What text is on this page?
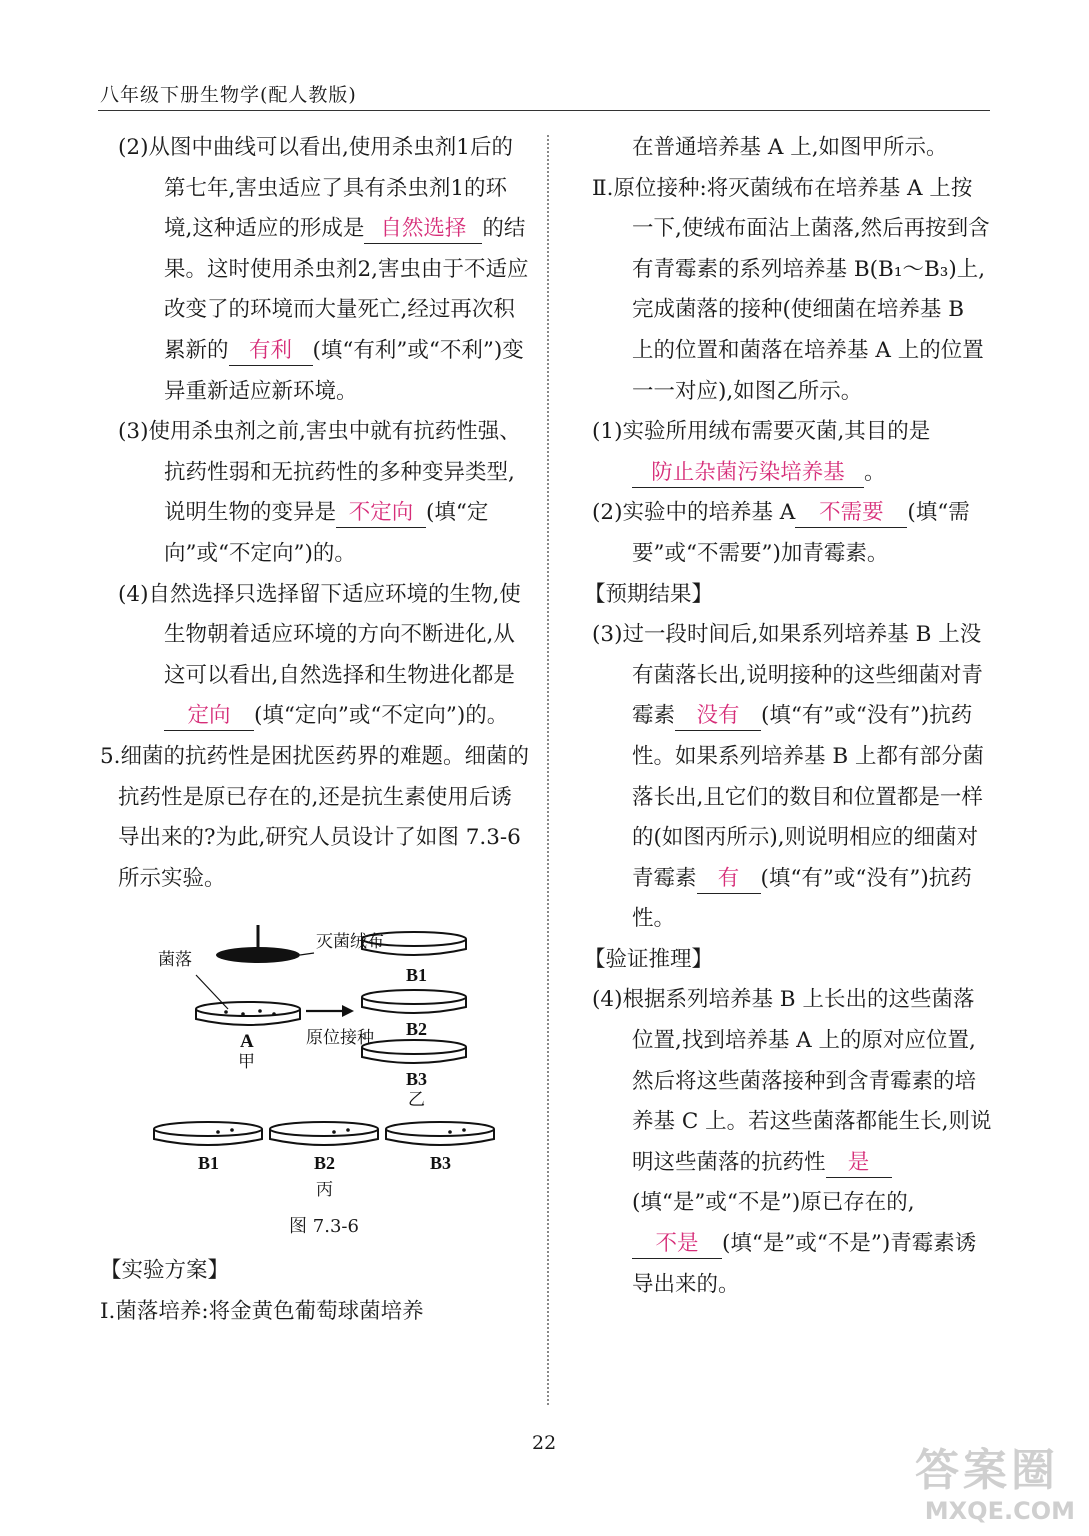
八年级下册生物学(配人教版)

(2)从图中曲线可以看出,使用杀虫剂1后的第七年,害虫适应了具有杀虫剂1的环境,这种适应的形成是 自然选择 的结果。这时使用杀虫剂2,害虫由于不适应改变了的环境而大量死亡,经过再次积累新的 有利 (填“有利”或“不利”)变异重新适应新环境。

(3)使用杀虫剂之前,害虫中就有抗药性强、抗药性弱和无抗药性的多种变异类型,说明生物的变异是 不定向 (填“定向”或“不定向”)的。

(4)自然选择只选择留下适应环境的生物,使生物朝着适应环境的方向不断进化,从这可以看出,自然选择和生物进化都是定向 (填“定向”或“不定向”)的。

5.细菌的抗药性是困扰医药界的难题。细菌的抗药性是原已存在的,还是抗生素使用后诱导出来的?为此,研究人员设计了如图 7.3-6 所示实验。

菌落
灭菌绒布
A
甲
原位接种
B1
B2
B3
乙
B1	B2	B3
丙
图 7.3-6

【实验方案】

Ⅰ.菌落培养:将金黄色葡萄球菌培养

在普通培养基 A 上,如图甲所示。

Ⅱ.原位接种:将灭菌绒布在培养基 A 上按一下,使绒布面沾上菌落,然后再按到含有青霉素的系列培养基 B(B₁～B₃)上,完成菌落的接种(使细菌在培养基 B 上的位置和菌落在培养基 A 上的位置一一对应),如图乙所示。

(1)实验所用绒布需要灭菌,其目的是防止杂菌污染培养基 。

(2)实验中的培养基 A 不需要 (填“需要”或“不需要”)加青霉素。

【预期结果】

(3)过一段时间后,如果系列培养基 B 上没有菌落长出,说明接种的这些细菌对青霉素 没有 (填“有”或“没有”)抗药性。如果系列培养基 B 上都有部分菌落长出,且它们的数目和位置都是一样的(如图丙所示),则说明相应的细菌对青霉素 有 (填“有”或“没有”)抗药性。

【验证推理】

(4)根据系列培养基 B 上长出的这些菌落位置,找到培养基 A 上的原对应位置,然后将这些菌落接种到含青霉素的培养基 C 上。若这些菌落都能生长,则说明这些菌落的抗药性 是(填“是”或“不是”)原已存在的,不是 (填“是”或“不是”)青霉素诱导出来的。

22
答案圈
MXQE.COM
